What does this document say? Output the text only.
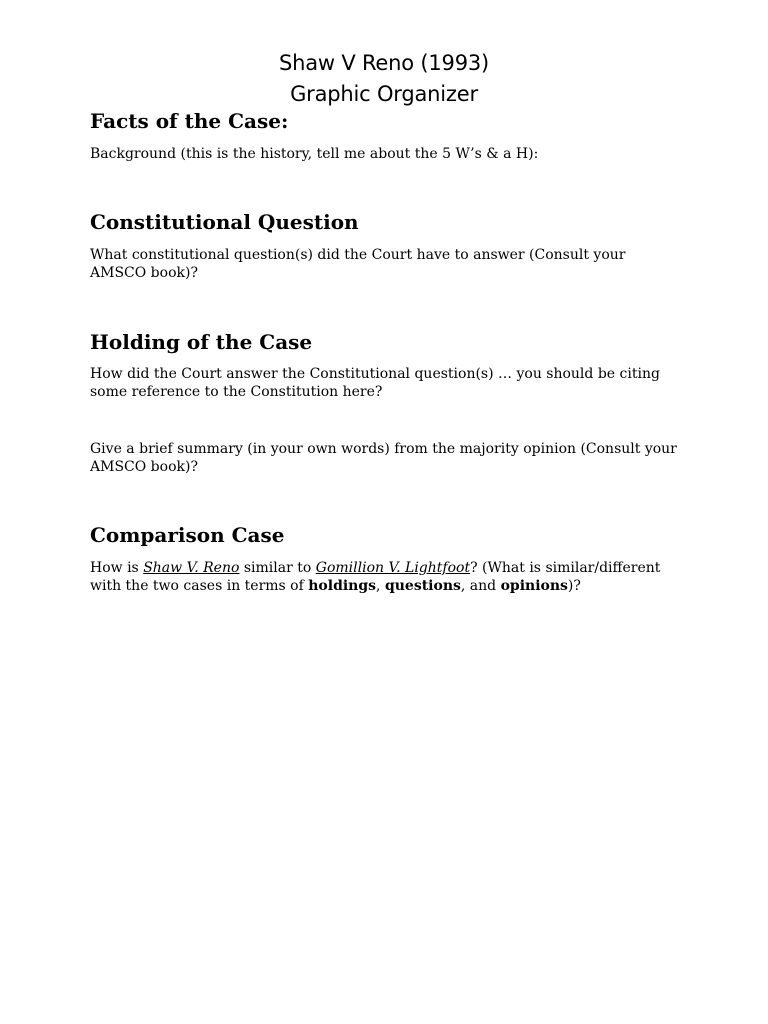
Shaw V Reno (1993)
Graphic Organizer
Facts of the Case:

Background (this is the history, tell me about the 5 W’s & a H):

Constitutional Question

What constitutional question(s) did the Court have to answer (Consult your AMSCO book)?

Holding of the Case

How did the Court answer the Constitutional question(s) … you should be citing some reference to the Constitution here?

Give a brief summary (in your own words) from the majority opinion (Consult your AMSCO book)?

Comparison Case

How is Shaw V. Reno similar to Gomillion V. Lightfoot? (What is similar/different with the two cases in terms of holdings, questions, and opinions)?
